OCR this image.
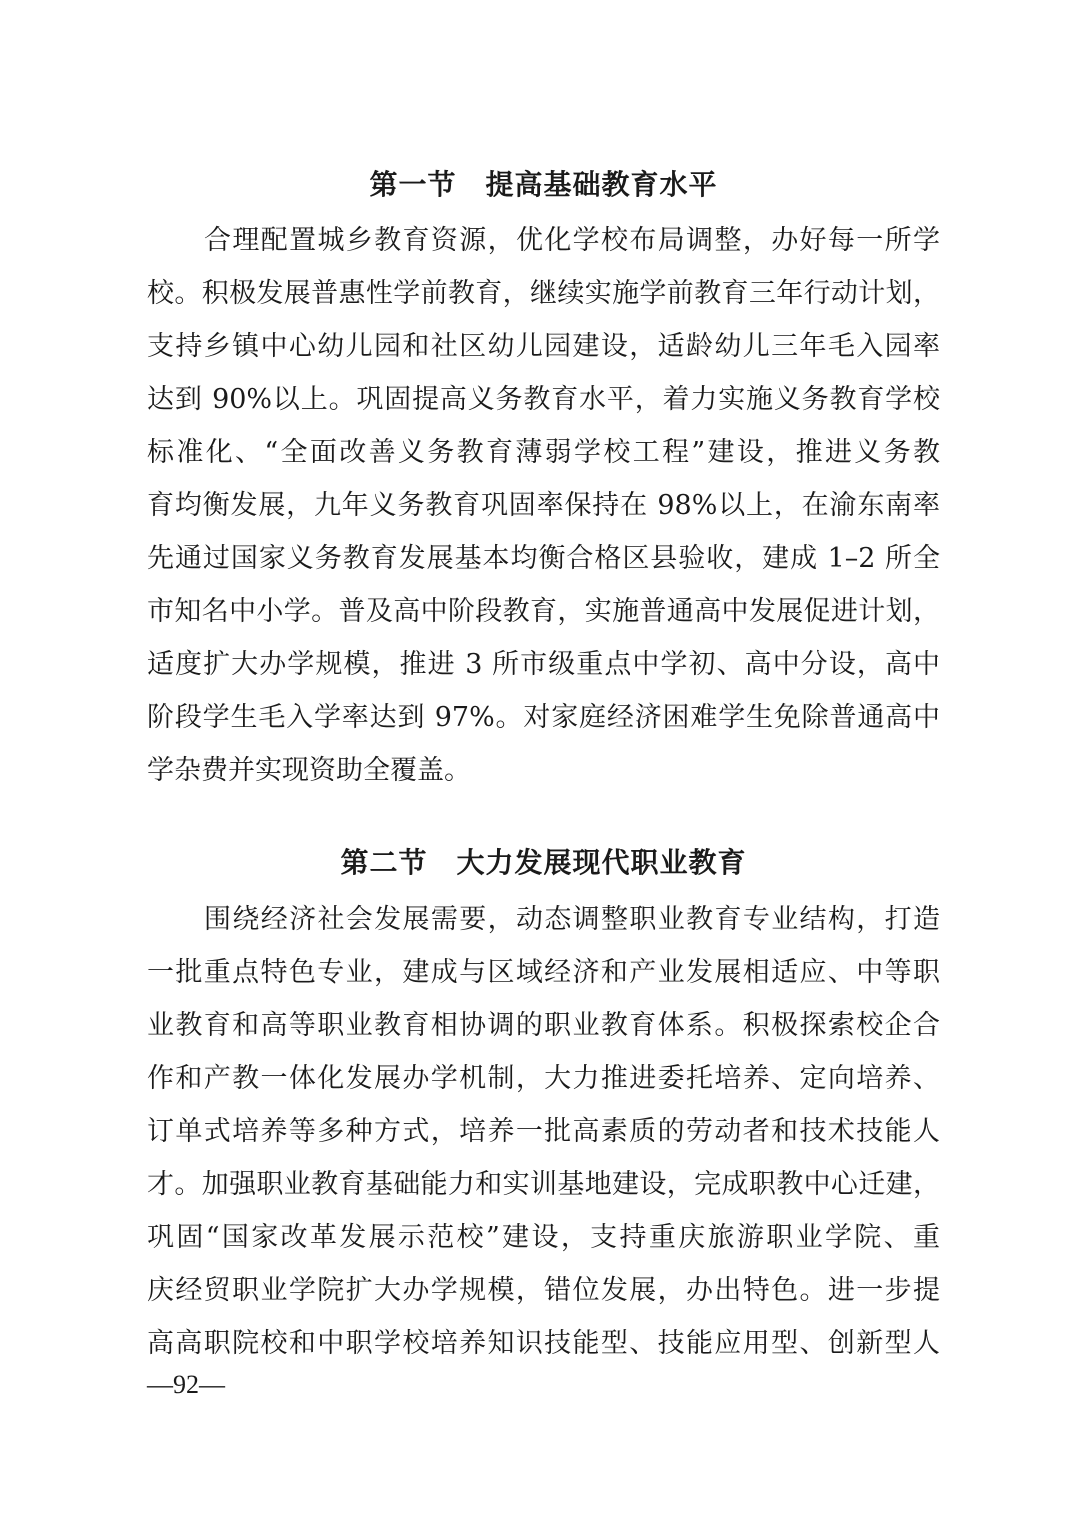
第一节　提高基础教育水平
合理配置城乡教育资源，优化学校布局调整，办好每一所学
校。积极发展普惠性学前教育，继续实施学前教育三年行动计划，
支持乡镇中心幼儿园和社区幼儿园建设，适龄幼儿三年毛入园率
达到 90%以上。巩固提高义务教育水平，着力实施义务教育学校
标准化、“全面改善义务教育薄弱学校工程”建设，推进义务教
育均衡发展，九年义务教育巩固率保持在 98%以上，在渝东南率
先通过国家义务教育发展基本均衡合格区县验收，建成 1–2 所全
市知名中小学。普及高中阶段教育，实施普通高中发展促进计划，
适度扩大办学规模，推进 3 所市级重点中学初、高中分设，高中
阶段学生毛入学率达到 97%。对家庭经济困难学生免除普通高中
学杂费并实现资助全覆盖。
第二节　大力发展现代职业教育
围绕经济社会发展需要，动态调整职业教育专业结构，打造
一批重点特色专业，建成与区域经济和产业发展相适应、中等职
业教育和高等职业教育相协调的职业教育体系。积极探索校企合
作和产教一体化发展办学机制，大力推进委托培养、定向培养、
订单式培养等多种方式，培养一批高素质的劳动者和技术技能人
才。加强职业教育基础能力和实训基地建设，完成职教中心迁建，
巩固“国家改革发展示范校”建设，支持重庆旅游职业学院、重
庆经贸职业学院扩大办学规模，错位发展，办出特色。进一步提
高高职院校和中职学校培养知识技能型、技能应用型、创新型人
—92—
